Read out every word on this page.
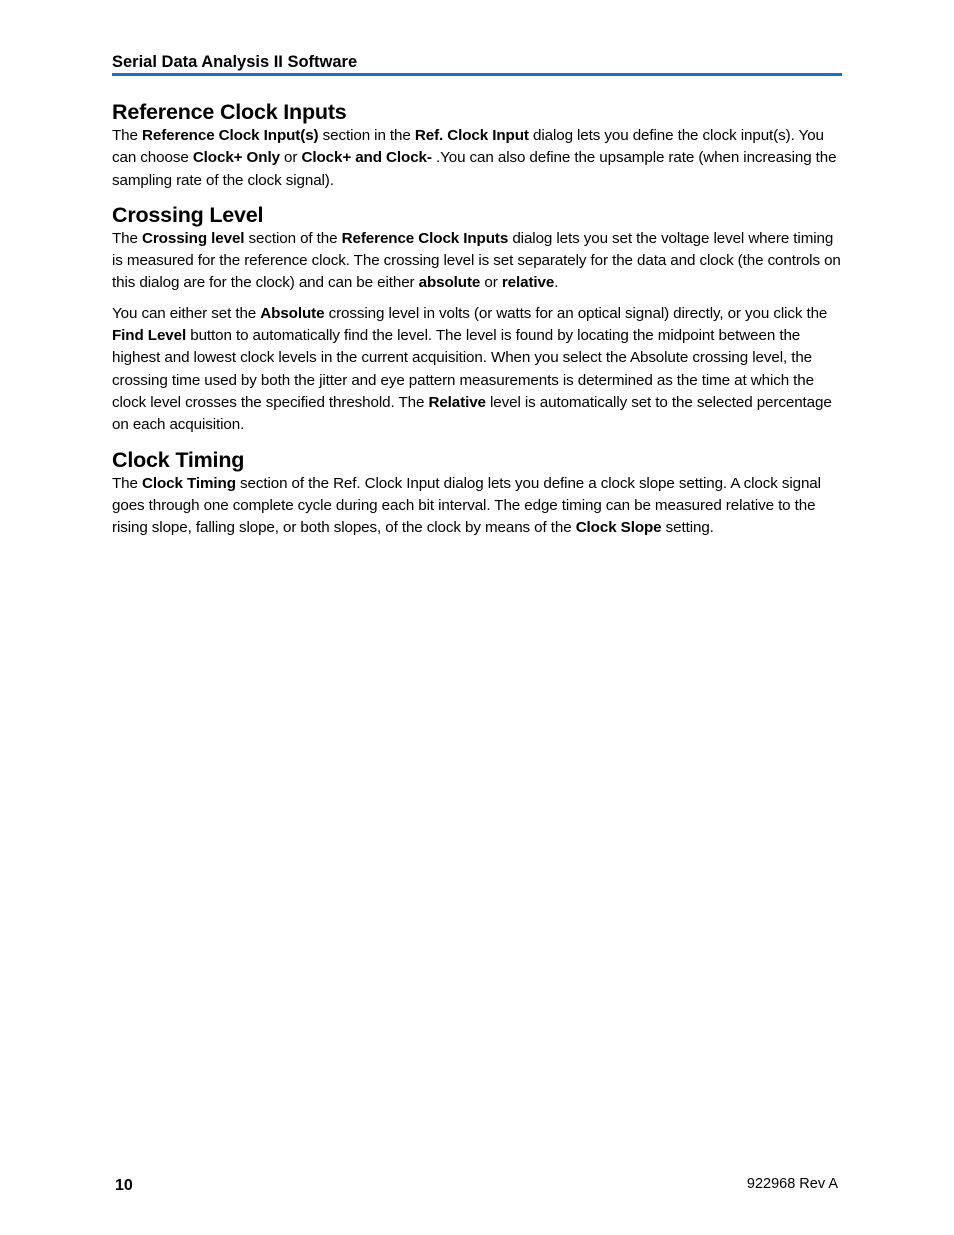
Serial Data Analysis II Software
Reference Clock Inputs

The Reference Clock Input(s) section in the Ref. Clock Input dialog lets you define the clock input(s). You can choose Clock+ Only or Clock+ and Clock- .You can also define the upsample rate (when increasing the sampling rate of the clock signal).

Crossing Level

The Crossing level section of the Reference Clock Inputs dialog lets you set the voltage level where timing is measured for the reference clock. The crossing level is set separately for the data and clock (the controls on this dialog are for the clock) and can be either absolute or relative.

You can either set the Absolute crossing level in volts (or watts for an optical signal) directly, or you click the Find Level button to automatically find the level. The level is found by locating the midpoint between the highest and lowest clock levels in the current acquisition. When you select the Absolute crossing level, the crossing time used by both the jitter and eye pattern measurements is determined as the time at which the clock level crosses the specified threshold. The Relative level is automatically set to the selected percentage on each acquisition.

Clock Timing

The Clock Timing section of the Ref. Clock Input dialog lets you define a clock slope setting. A clock signal goes through one complete cycle during each bit interval. The edge timing can be measured relative to the rising slope, falling slope, or both slopes, of the clock by means of the Clock Slope setting.

10	922968 Rev A
